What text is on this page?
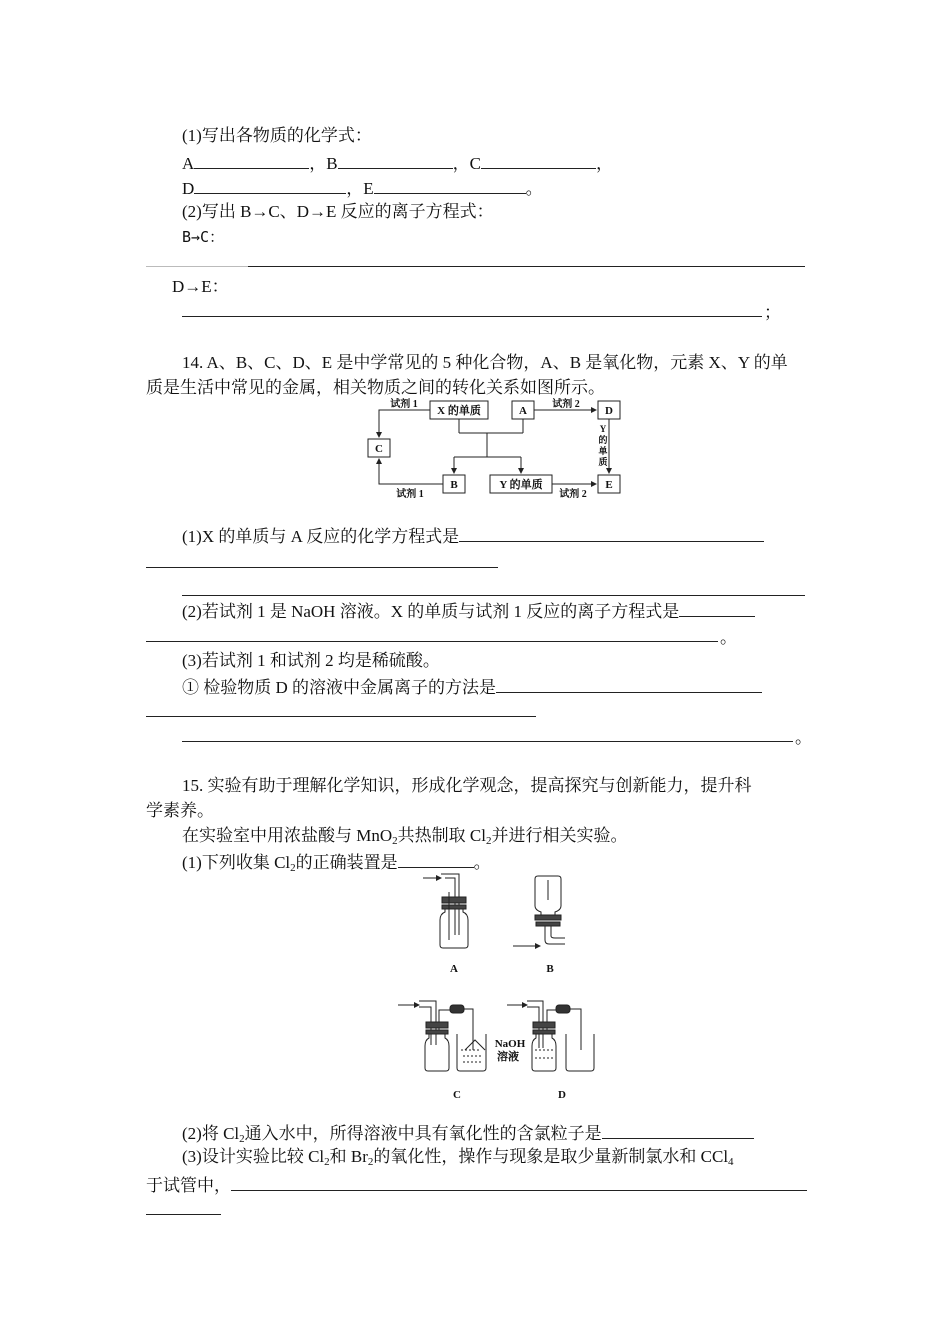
(1)写出各物质的化学式：
A	，B	，C	，
D	，E	。
(2)写出 B→C、D→E 反应的离子方程式：
B→C：
D→E：
；
14. A、B、C、D、E 是中学常见的 5 种化合物，A、B 是氧化物，元素 X、Y 的单
质是生活中常见的金属，相关物质之间的转化关系如图所示。
X 的单质	A	D
C
B	Y 的单质	E
试剂 1	试剂 2
试剂 1	试剂 2
Y
的
单
质
(1)X 的单质与 A 反应的化学方程式是
(2)若试剂 1 是 NaOH 溶液。X 的单质与试剂 1 反应的离子方程式是
。
(3)若试剂 1 和试剂 2 均是稀硫酸。
① 检验物质 D 的溶液中金属离子的方法是
。
15. 实验有助于理解化学知识，形成化学观念，提高探究与创新能力，提升科
学素养。
在实验室中用浓盐酸与 MnO$_2$共热制取 $Cl_2$并进行相关实验。
(1)下列收集 $Cl_2$的正确装置是	。
A	B
C	D
NaOH
溶液
(2)将 $Cl_2$通入水中，所得溶液中具有氧化性的含氯粒子是
(3)设计实验比较 $Cl_2$和 $Br_2$的氧化性，操作与现象是取少量新制氯水和 CCl$_4$
于试管中，
